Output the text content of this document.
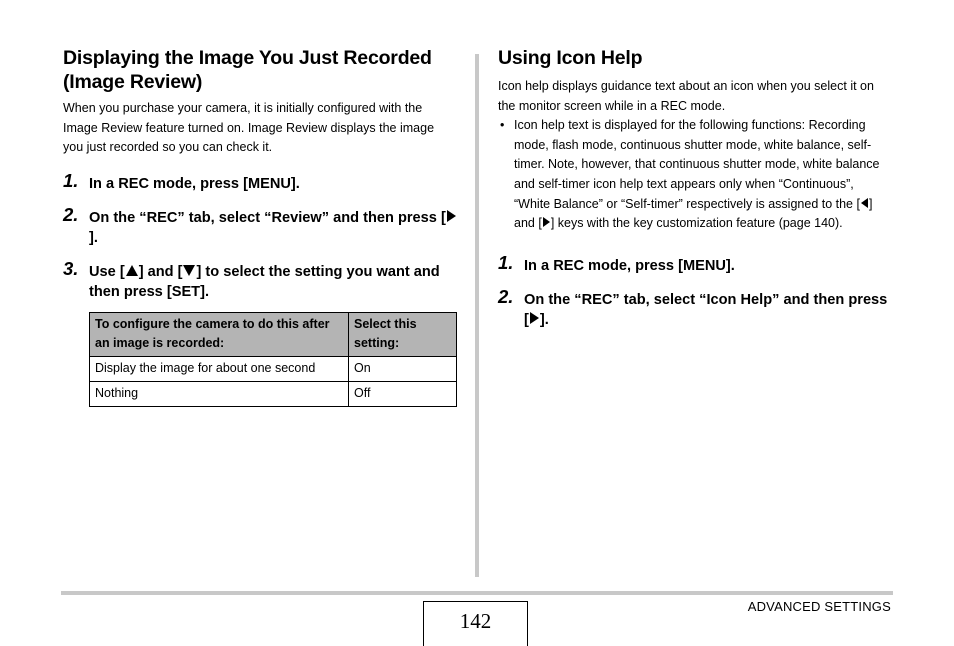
Displaying the Image You Just Recorded (Image Review)

When you purchase your camera, it is initially configured with the Image Review feature turned on. Image Review displays the image you just recorded so you can check it.

1. In a REC mode, press [MENU].
2. On the “REC” tab, select “Review” and then press [].
3. Use [ ] and [ ] to select the setting you want and then press [SET].
To configure the camera to do this after an image is recorded:	Select this setting:
Display the image for about one second	On
Nothing	Off
Using Icon Help

Icon help displays guidance text about an icon when you select it on the monitor screen while in a REC mode.

• Icon help text is displayed for the following functions: Recording mode, flash mode, continuous shutter mode, white balance, self-timer. Note, however, that continuous shutter mode, white balance and self-timer icon help text appears only when “Continuous”, “White Balance” or “Self-timer” respectively is assigned to the [ ] and [ ] keys with the key customization feature (page 140).
1. In a REC mode, press [MENU].
2. On the “REC” tab, select “Icon Help” and then press [ ].
142
ADVANCED SETTINGS
